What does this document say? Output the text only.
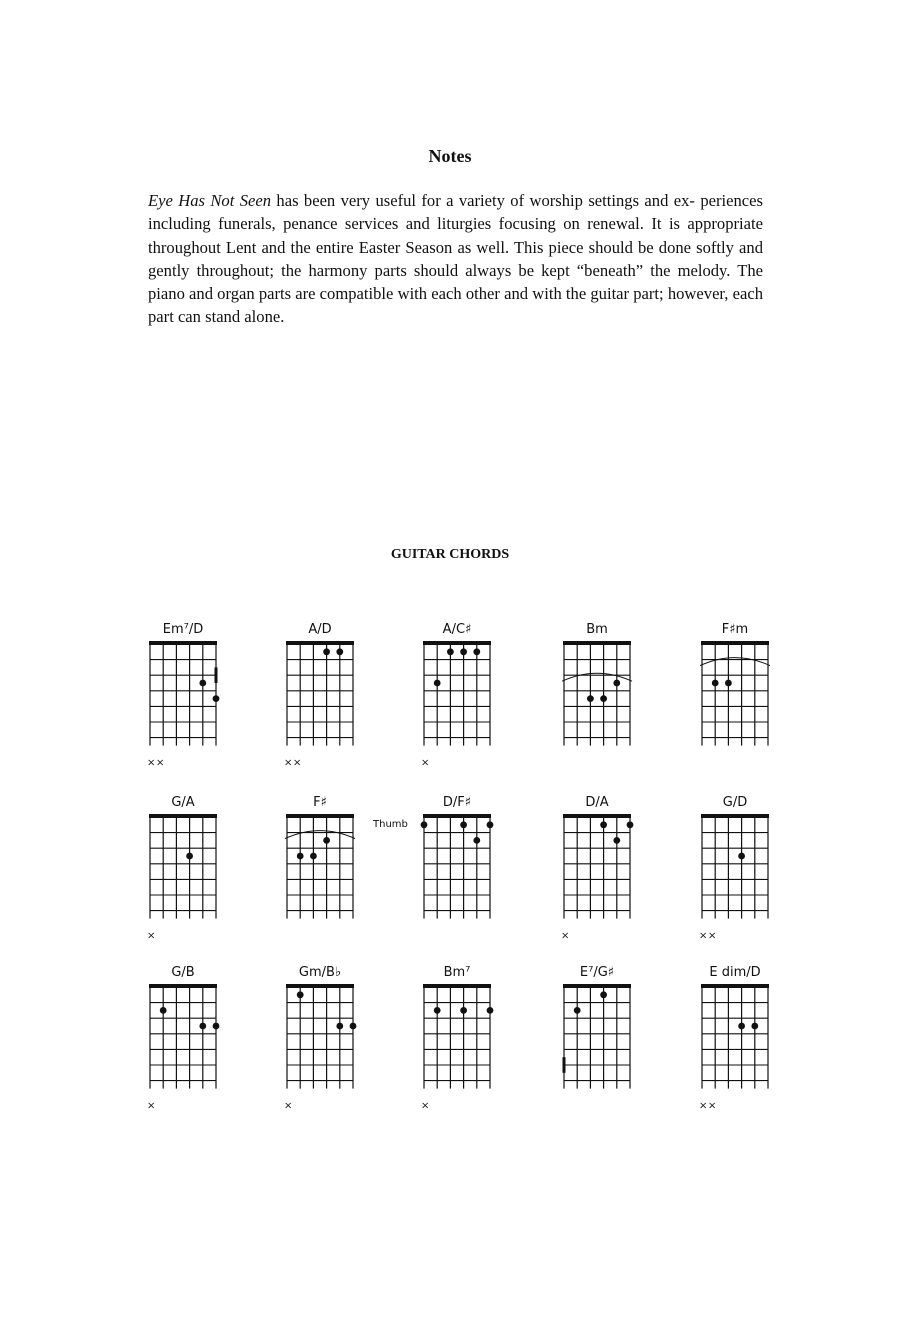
Notes
Eye Has Not Seen has been very useful for a variety of worship settings and ex- periences including funerals, penance services and liturgies focusing on renewal. It is appropriate throughout Lent and the entire Easter Season as well. This piece should be done softly and gently throughout; the harmony parts should always be kept “beneath” the melody. The piano and organ parts are compatible with each other and with the guitar part; however, each part can stand alone.
GUITAR CHORDS
Em⁷/D
× ×
A/D
× ×
A/C♯
×
Bm	F♯m
G/A
×
F♯	D/F♯
Thumb
D/A
×
G/D
× ×
G/B
×
Gm/B♭
×
Bm⁷
×
E⁷/G♯	E dim/D
× ×
